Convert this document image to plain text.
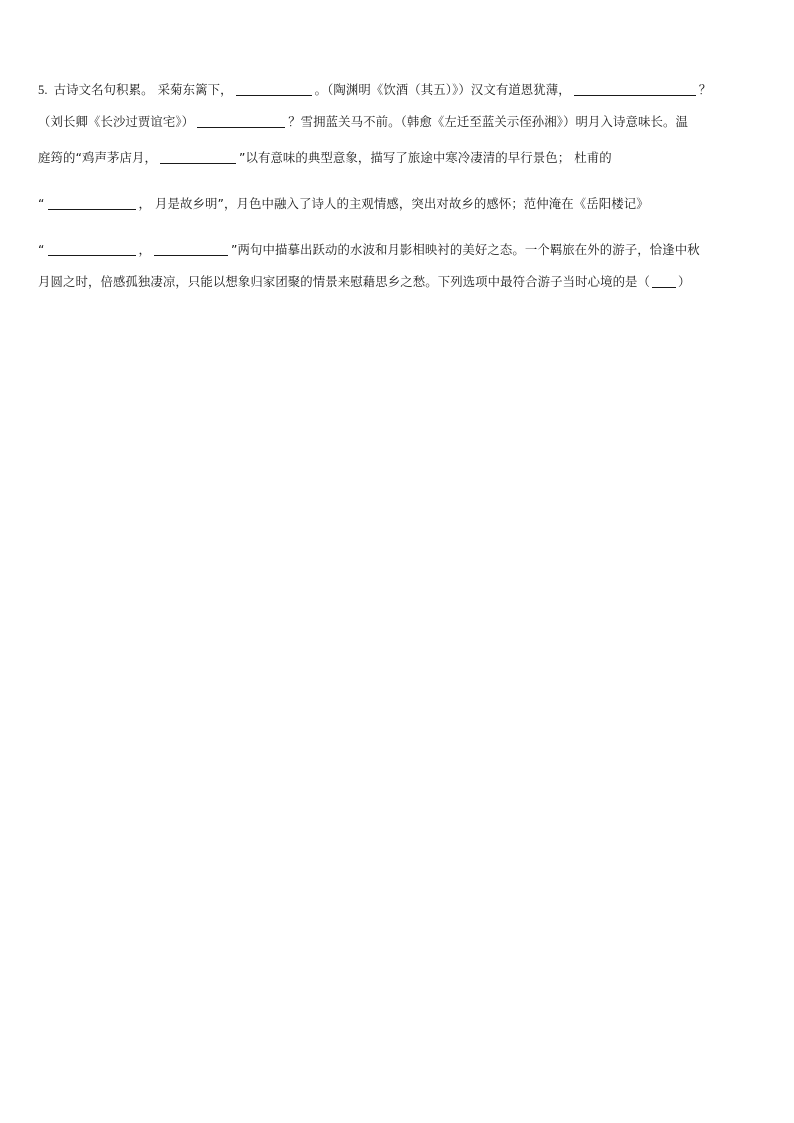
5. 古诗文名句积累。 采菊东篱下，	。（陶渊明《饮酒（其五）》）汉文有道恩犹薄，	？
（刘长卿《长沙过贾谊宅》）	？雪拥蓝关马不前。（韩愈《左迁至蓝关示侄孙湘》）明月入诗意味长。温
庭筠的“鸡声茅店月，	”以有意味的典型意象，描写了旅途中寒冷凄清的早行景色； 杜甫的
“	， 月是故乡明”，月色中融入了诗人的主观情感，突出对故乡的感怀；范仲淹在《岳阳楼记》
“	，	”两句中描摹出跃动的水波和月影相映衬的美好之态。一个羁旅在外的游子，恰逢中秋
月圆之时，倍感孤独凄凉，只能以想象归家团聚的情景来慰藉思乡之愁。下列选项中最符合游子当时心境的是（ ）
